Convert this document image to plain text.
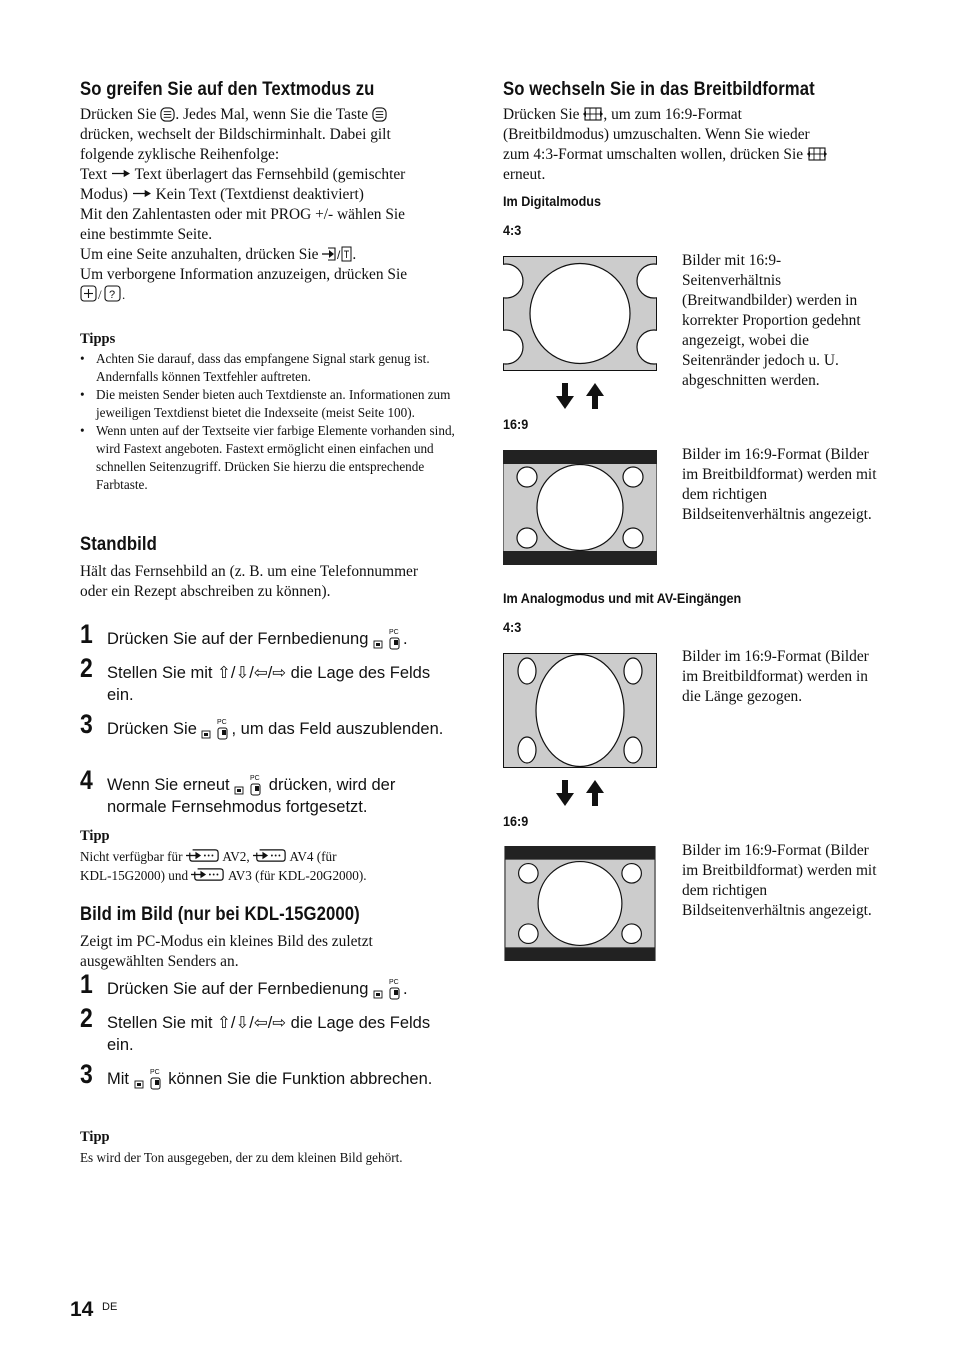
So greifen Sie auf den Textmodus zu

Drücken Sie . Jedes Mal, wenn Sie die Taste

drücken, wechselt der Bildschirminhalt. Dabei gilt

folgende zyklische Reihenfolge:

Text Text überlagert das Fernsehbild (gemischter

Modus) Kein Text (Textdienst deaktiviert)

Mit den Zahlentasten oder mit PROG +/- wählen Sie

eine bestimmte Seite.

Um eine Seite anzuhalten, drücken Sie / .

Um verborgene Information anzuzeigen, drücken Sie

/ ? .

Tipps

• Achten Sie darauf, dass das empfangene Signal stark genug ist. Andernfalls können Textfehler auftreten.
• Die meisten Sender bieten auch Textdienste an. Informationen zum jeweiligen Textdienst bietet die Indexseite (meist Seite 100).
• Wenn unten auf der Textseite vier farbige Elemente vorhanden sind, wird Fastext angeboten. Fastext ermöglicht einen einfachen und schnellen Seitenzugriff. Drücken Sie hierzu die entsprechende Farbtaste.
Standbild

Hält das Fernsehbild an (z. B. um eine Telefonnummer oder ein Rezept abschreiben zu können).

1 Drücken Sie auf der Fernbedienung .
2 Stellen Sie mit ⇧/⇩/⇦/⇨ die Lage des Felds ein.
3 Drücken Sie , um das Feld auszublenden.
4 Wenn Sie erneut drücken, wird der normale Fernsehmodus fortgesetzt.

Tipp

Nicht verfügbar für	AV2,	AV4 (für

KDL-15G2000) und	AV3 (für KDL-20G2000).

Bild im Bild (nur bei KDL-15G2000)

Zeigt im PC-Modus ein kleines Bild des zuletzt ausgewählten Senders an.

1 Drücken Sie auf der Fernbedienung .
2 Stellen Sie mit ⇧/⇩/⇦/⇨ die Lage des Felds ein.
3 Mit können Sie die Funktion abbrechen.

Tipp

Es wird der Ton ausgegeben, der zu dem kleinen Bild gehört.

So wechseln Sie in das Breitbildformat

Drücken Sie , um zum 16:9-Format

(Breitbildmodus) umzuschalten. Wenn Sie wieder

zum 4:3-Format umschalten wollen, drücken Sie

erneut.

Im Digitalmodus

4:3

Bilder mit 16:9-Seitenverhältnis (Breitwandbilder) werden in korrekter Proportion gedehnt angezeigt, wobei die Seitenränder jedoch u. U. abgeschnitten werden.

16:9

Bilder im 16:9-Format (Bilder im Breitbildformat) werden mit dem richtigen Bildseitenverhältnis angezeigt.

Im Analogmodus und mit AV-Eingängen

4:3

Bilder im 16:9-Format (Bilder im Breitbildformat) werden in die Länge gezogen.

16:9

Bilder im 16:9-Format (Bilder im Breitbildformat) werden mit dem richtigen Bildseitenverhältnis angezeigt.

14 DE
